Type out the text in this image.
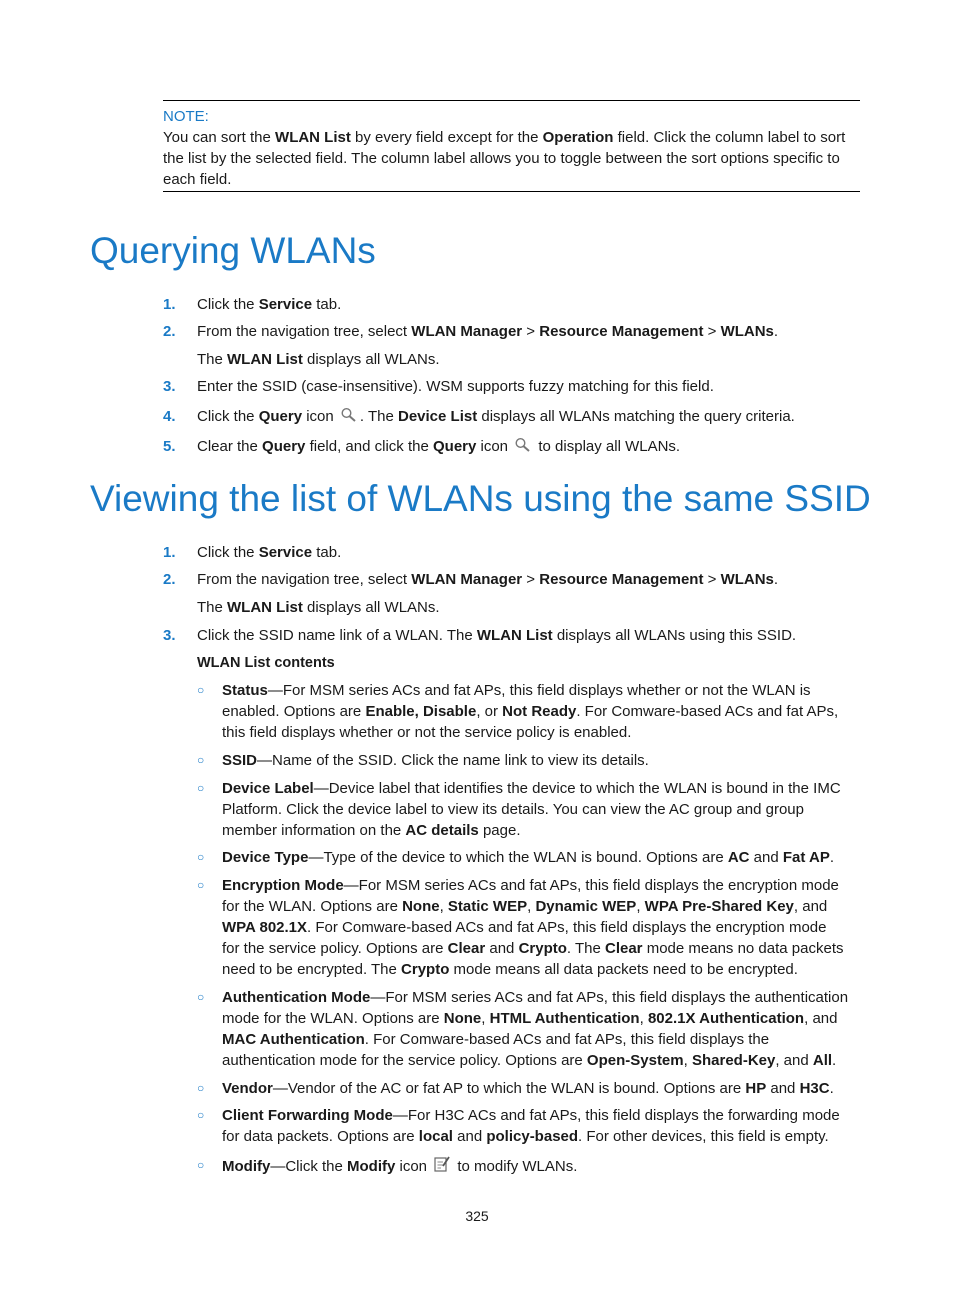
NOTE:
You can sort the WLAN List by every field except for the Operation field. Click the column label to sort the list by the selected field. The column label allows you to toggle between the sort options specific to each field.
Querying WLANs
1.	Click the Service tab.
2.	From the navigation tree, select WLAN Manager > Resource Management > WLANs.
The WLAN List displays all WLANs.
3.	Enter the SSID (case-insensitive). WSM supports fuzzy matching for this field.
4.	Click the Query icon . The Device List displays all WLANs matching the query criteria.
5.	Clear the Query field, and click the Query icon  to display all WLANs.
Viewing the list of WLANs using the same SSID
1.	Click the Service tab.
2.	From the navigation tree, select WLAN Manager > Resource Management > WLANs.
The WLAN List displays all WLANs.
3.	Click the SSID name link of a WLAN. The WLAN List displays all WLANs using this SSID.
WLAN List contents
○ Status—For MSM series ACs and fat APs, this field displays whether or not the WLAN is
enabled. Options are Enable, Disable, or Not Ready. For Comware-based ACs and fat APs,
this field displays whether or not the service policy is enabled.
○ SSID—Name of the SSID. Click the name link to view its details.
○ Device Label—Device label that identifies the device to which the WLAN is bound in the IMC
Platform. Click the device label to view its details. You can view the AC group and group
member information on the AC details page.
○ Device Type—Type of the device to which the WLAN is bound. Options are AC and Fat AP.
○ Encryption Mode—For MSM series ACs and fat APs, this field displays the encryption mode
for the WLAN. Options are None, Static WEP, Dynamic WEP, WPA Pre-Shared Key, and
WPA 802.1X. For Comware-based ACs and fat APs, this field displays the encryption mode
for the service policy. Options are Clear and Crypto. The Clear mode means no data packets
need to be encrypted. The Crypto mode means all data packets need to be encrypted.
○ Authentication Mode—For MSM series ACs and fat APs, this field displays the authentication
mode for the WLAN. Options are None, HTML Authentication, 802.1X Authentication, and
MAC Authentication. For Comware-based ACs and fat APs, this field displays the
authentication mode for the service policy. Options are Open-System, Shared-Key, and All.
○ Vendor—Vendor of the AC or fat AP to which the WLAN is bound. Options are HP and H3C.
○ Client Forwarding Mode—For H3C ACs and fat APs, this field displays the forwarding mode
for data packets. Options are local and policy-based. For other devices, this field is empty.
○ Modify—Click the Modify icon  to modify WLANs.
325
